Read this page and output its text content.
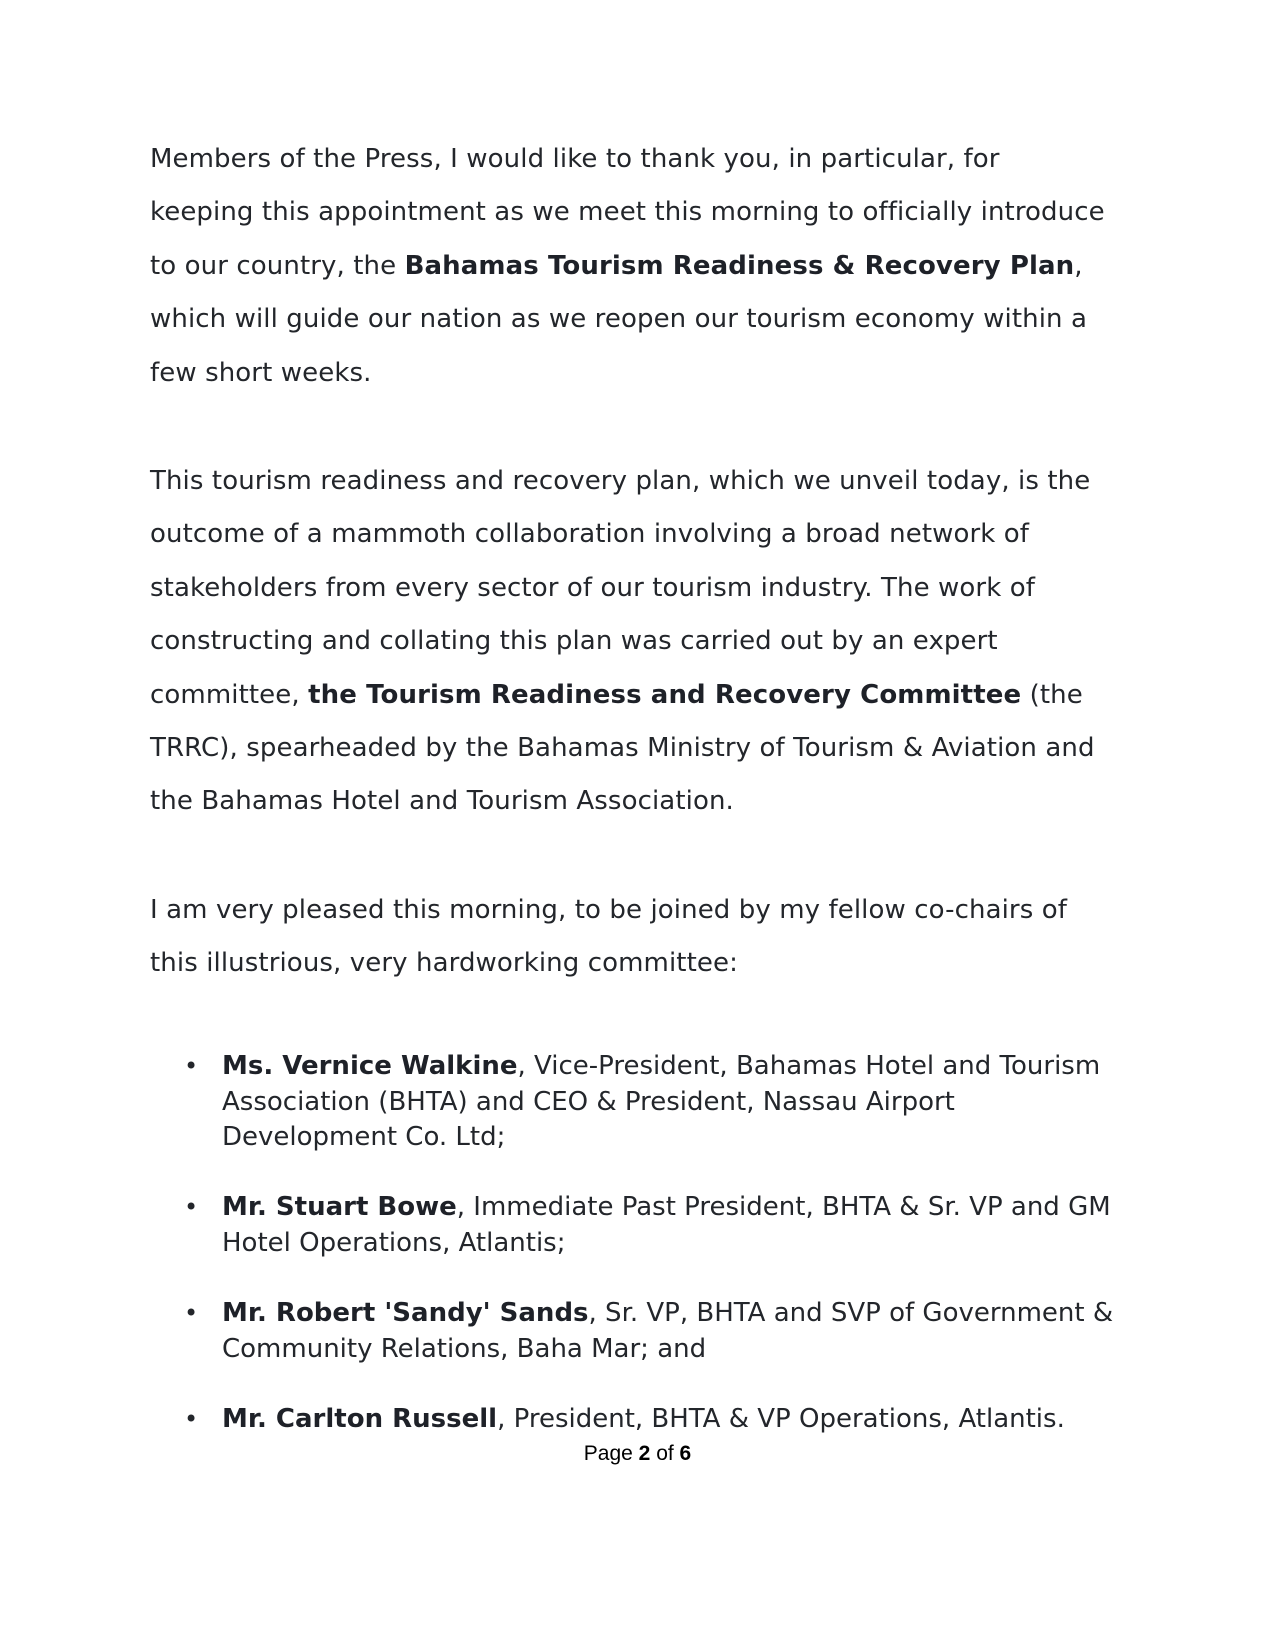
Members of the Press, I would like to thank you, in particular, for keeping this appointment as we meet this morning to officially introduce to our country, the Bahamas Tourism Readiness & Recovery Plan, which will guide our nation as we reopen our tourism economy within a few short weeks.

This tourism readiness and recovery plan, which we unveil today, is the outcome of a mammoth collaboration involving a broad network of stakeholders from every sector of our tourism industry. The work of constructing and collating this plan was carried out by an expert committee, the Tourism Readiness and Recovery Committee (the TRRC), spearheaded by the Bahamas Ministry of Tourism & Aviation and the Bahamas Hotel and Tourism Association.

I am very pleased this morning, to be joined by my fellow co-chairs of this illustrious, very hardworking committee:

• Ms. Vernice Walkine, Vice-President, Bahamas Hotel and Tourism Association (BHTA) and CEO & President, Nassau Airport Development Co. Ltd;
• Mr. Stuart Bowe, Immediate Past President, BHTA & Sr. VP and GM Hotel Operations, Atlantis;
• Mr. Robert 'Sandy' Sands, Sr. VP, BHTA and SVP of Government & Community Relations, Baha Mar; and
• Mr. Carlton Russell, President, BHTA & VP Operations, Atlantis.
Page 2 of 6
